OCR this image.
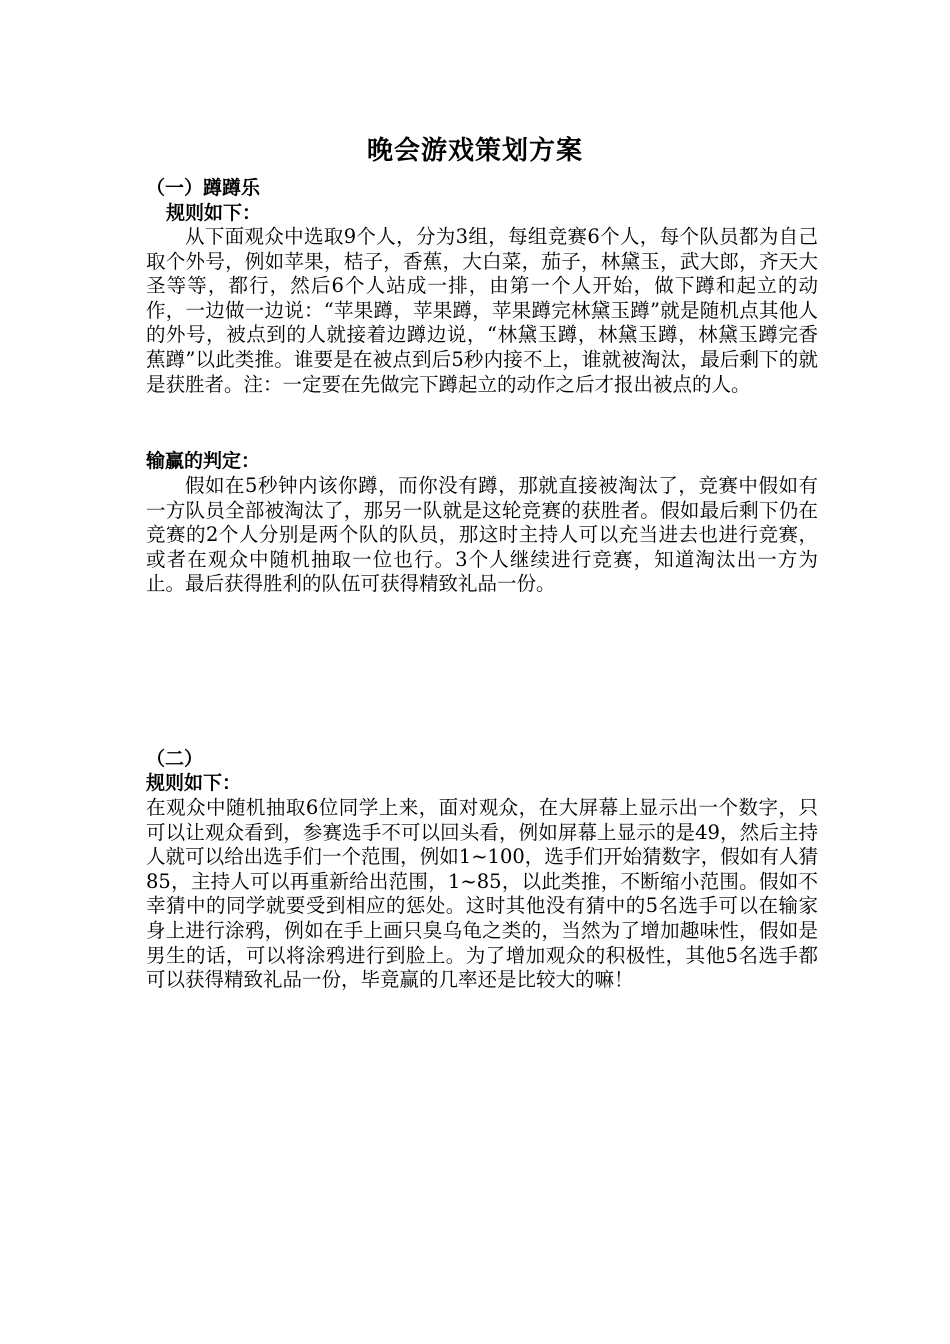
晚会游戏策划方案
（一）蹲蹲乐
规则如下：
从下面观众中选取9个人，分为3组，每组竞赛6个人，每个队员都为自己取个外号，例如苹果，桔子，香蕉，大白菜，茄子，林黛玉，武大郎，齐天大圣等等，都行，然后6个人站成一排，由第一个人开始，做下蹲和起立的动作，一边做一边说：“苹果蹲，苹果蹲，苹果蹲完林黛玉蹲”就是随机点其他人的外号，被点到的人就接着边蹲边说，“林黛玉蹲，林黛玉蹲，林黛玉蹲完香蕉蹲”以此类推。谁要是在被点到后5秒内接不上，谁就被淘汰，最后剩下的就是获胜者。注：一定要在先做完下蹲起立的动作之后才报出被点的人。
输赢的判定：
假如在5秒钟内该你蹲，而你没有蹲，那就直接被淘汰了，竞赛中假如有一方队员全部被淘汰了，那另一队就是这轮竞赛的获胜者。假如最后剩下仍在竞赛的2个人分别是两个队的队员，那这时主持人可以充当进去也进行竞赛，或者在观众中随机抽取一位也行。3个人继续进行竞赛，知道淘汰出一方为止。最后获得胜利的队伍可获得精致礼品一份。
（二）
规则如下：
在观众中随机抽取6位同学上来，面对观众，在大屏幕上显示出一个数字，只可以让观众看到，参赛选手不可以回头看，例如屏幕上显示的是49，然后主持人就可以给出选手们一个范围，例如1~100，选手们开始猜数字，假如有人猜85，主持人可以再重新给出范围，1~85，以此类推，不断缩小范围。假如不幸猜中的同学就要受到相应的惩处。这时其他没有猜中的5名选手可以在输家身上进行涂鸦，例如在手上画只臭乌龟之类的，当然为了增加趣味性，假如是男生的话，可以将涂鸦进行到脸上。为了增加观众的积极性，其他5名选手都可以获得精致礼品一份，毕竟赢的几率还是比较大的嘛！
